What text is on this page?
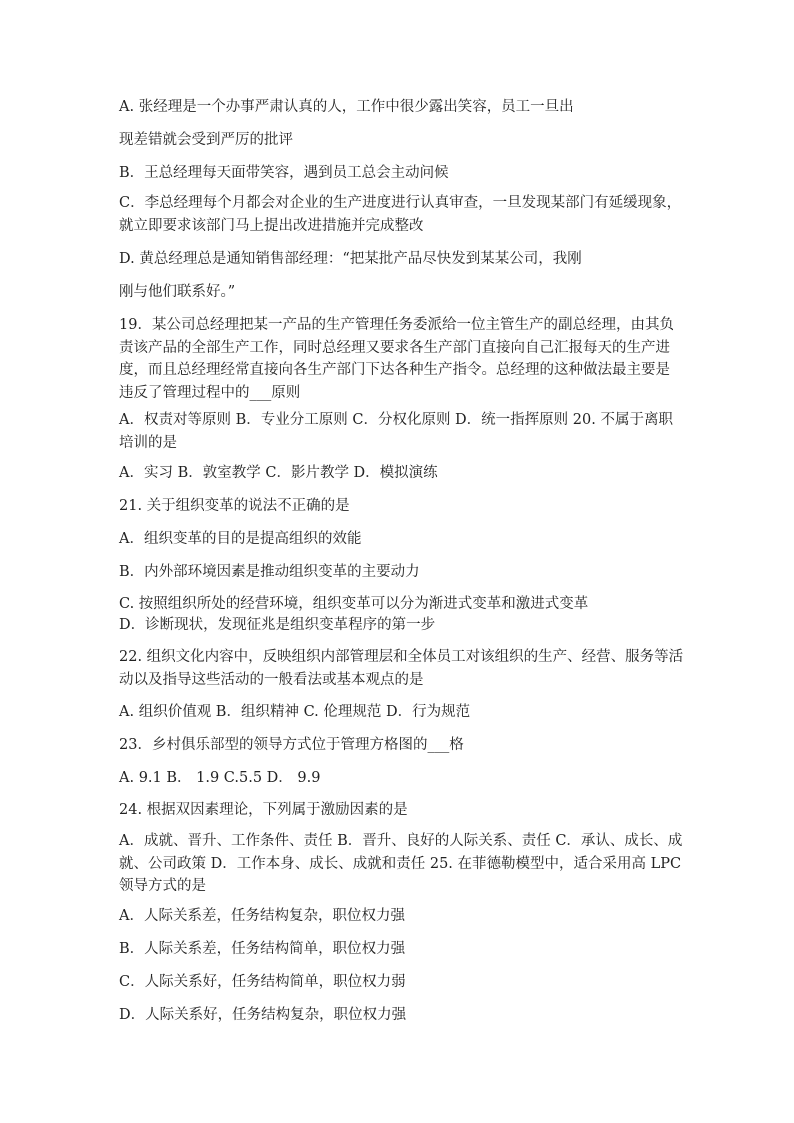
A. 张经理是一个办事严肃认真的人，工作中很少露出笑容，员工一旦出

现差错就会受到严厉的批评

B．王总经理每天面带笑容，遇到员工总会主动问候

C．李总经理每个月都会对企业的生产进度进行认真审查，一旦发现某部门有延缓现象，就立即要求该部门马上提出改进措施并完成整改

D. 黄总经理总是通知销售部经理：“把某批产品尽快发到某某公司，我刚

刚与他们联系好。”

19．某公司总经理把某一产品的生产管理任务委派给一位主管生产的副总经理，由其负责该产品的全部生产工作，同时总经理又要求各生产部门直接向自己汇报每天的生产进度，而且总经理经常直接向各生产部门下达各种生产指令。总经理的这种做法最主要是违反了管理过程中的___原则

A．权责对等原则 B．专业分工原则 C．分权化原则 D．统一指挥原则 20. 不属于离职培训的是

A．实习 B．敦室教学 C．影片教学 D．模拟演练

21. 关于组织变革的说法不正确的是

A．组织变革的目的是提高组织的效能

B．内外部环境因素是推动组织变革的主要动力

C. 按照组织所处的经营环境，组织变革可以分为渐进式变革和激进式变革

D．诊断现状，发现征兆是组织变革程序的第一步

22. 组织文化内容中，反映组织内部管理层和全体员工对该组织的生产、经营、服务等活动以及指导这些活动的一般看法或基本观点的是

A. 组织价值观 B．组织精神 C. 伦理规范 D．行为规范

23．乡村俱乐部型的领导方式位于管理方格图的___格

A. 9.1 B． 1.9 C.5.5 D． 9.9

24. 根据双因素理论，下列属于激励因素的是

A．成就、晋升、工作条件、责任 B．晋升、良好的人际关系、责任 C．承认、成长、成就、公司政策 D．工作本身、成长、成就和责任 25. 在菲德勒模型中，适合采用高 LPC 领导方式的是

A．人际关系差，任务结构复杂，职位权力强

B．人际关系差，任务结构简单，职位权力强

C．人际关系好，任务结构简单，职位权力弱

D．人际关系好，任务结构复杂，职位权力强
